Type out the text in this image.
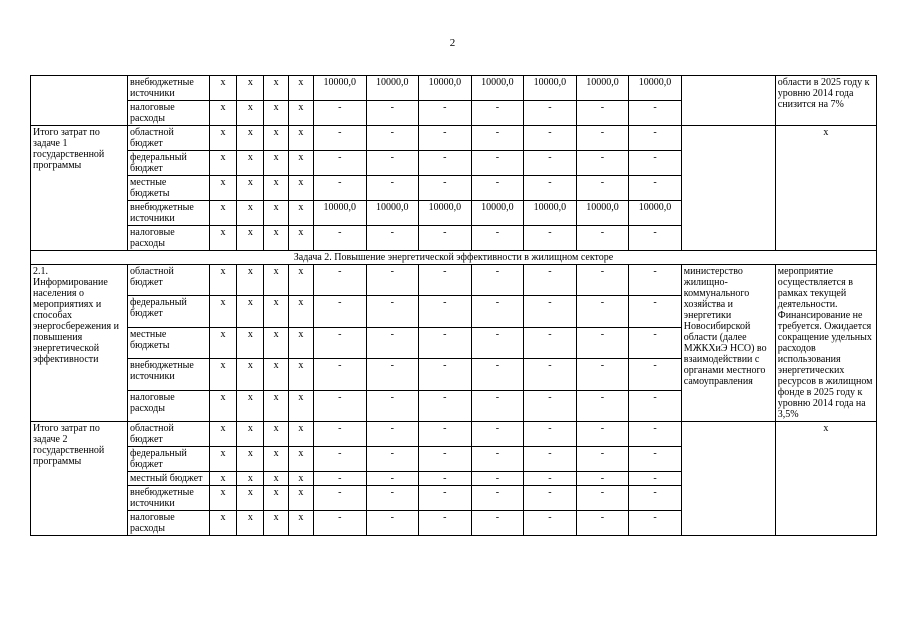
2
	внебюджетные источники	x	x	x	x	10000,0	10000,0	10000,0	10000,0	10000,0	10000,0	10000,0		области в 2025 году к уровню 2014 года снизится на 7%
	налоговые расходы	x	x	x	x	-	-	-	-	-	-	-		
Итого затрат по задаче 1 государственной программы	областной бюджет	x	x	x	x	-	-	-	-	-	-	-		х
	федеральный бюджет	x	x	x	x	-	-	-	-	-	-	-		
	местные бюджеты	x	x	x	x	-	-	-	-	-	-	-		
	внебюджетные источники	x	x	x	x	10000,0	10000,0	10000,0	10000,0	10000,0	10000,0	10000,0		
	налоговые расходы	x	x	x	x	-	-	-	-	-	-	-		
Задача 2. Повышение энергетической эффективности в жилищном секторе														
2.1. Информирование населения о мероприятиях и способах энергосбережения и повышения энергетической эффективности	областной бюджет	x	x	x	x	-	-	-	-	-	-	-	министерство жилищно-коммунального хозяйства и энергетики Новосибирской области (далее МЖКХиЭ НСО) во взаимодействии с органами местного самоуправления	мероприятие осуществляется в рамках текущей деятельности. Финансирование не требуется. Ожидается сокращение удельных расходов использования энергетических ресурсов в жилищном фонде в 2025 году к уровню 2014 года на 3,5%
	федеральный бюджет	x	x	x	x	-	-	-	-	-	-	-		
	местные бюджеты	x	x	x	x	-	-	-	-	-	-	-		
	внебюджетные источники	x	x	x	x	-	-	-	-	-	-	-		
	налоговые расходы	x	x	x	x	-	-	-	-	-	-	-		
Итого затрат по задаче 2 государственной программы	областной бюджет	x	x	x	x	-	-	-	-	-	-	-		х
	федеральный бюджет	x	x	x	x	-	-	-	-	-	-	-		
	местный бюджет	x	x	x	x	-	-	-	-	-	-	-		
	внебюджетные источники	x	x	x	x	-	-	-	-	-	-	-		
	налоговые расходы	x	x	x	x	-	-	-	-	-	-	-		
